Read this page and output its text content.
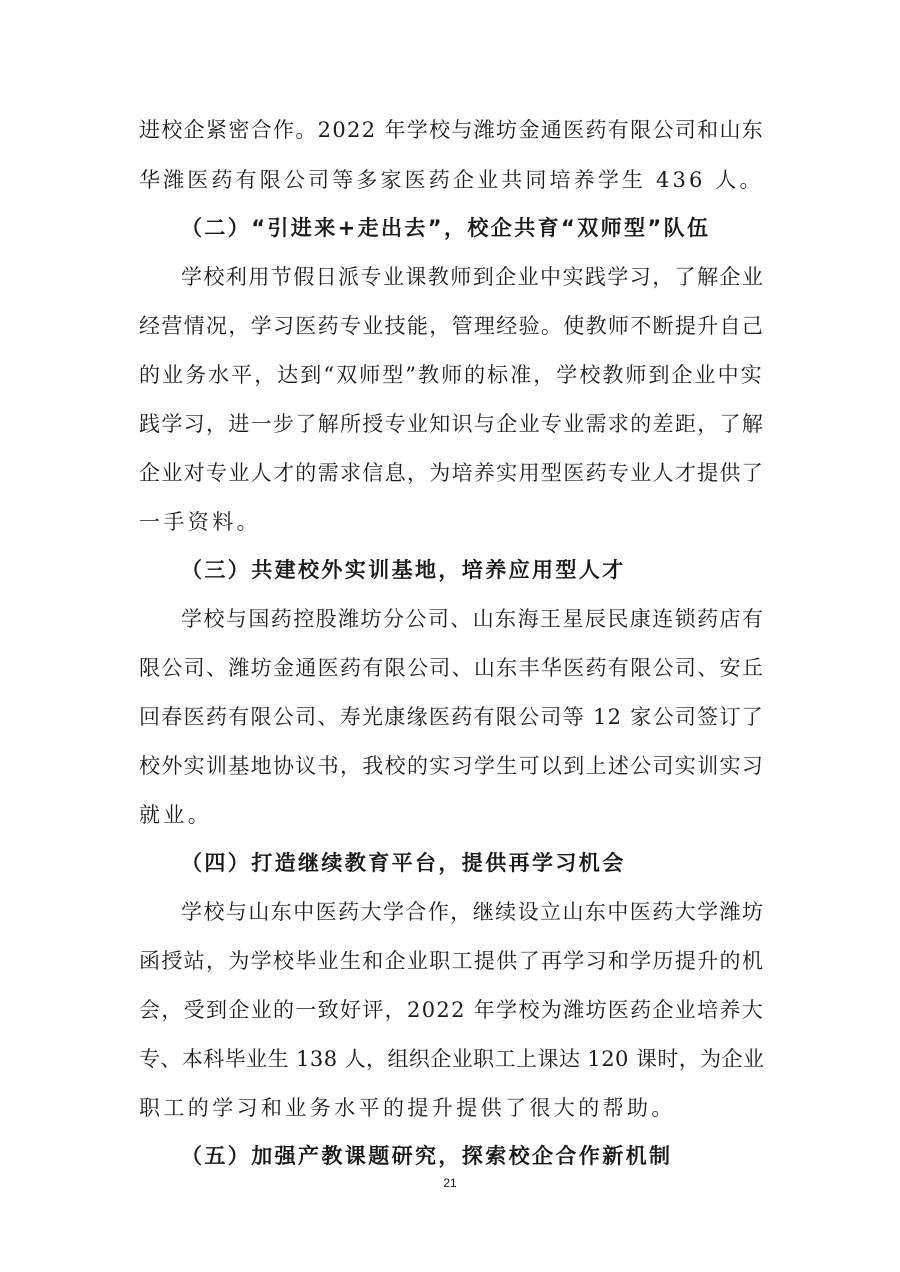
进校企紧密合作。2022 年学校与潍坊金通医药有限公司和山东
华潍医药有限公司等多家医药企业共同培养学生 436 人。
（二）“引进来+走出去”，校企共育“双师型”队伍
学校利用节假日派专业课教师到企业中实践学习，了解企业
经营情况，学习医药专业技能，管理经验。使教师不断提升自己
的业务水平，达到“双师型”教师的标准，学校教师到企业中实
践学习，进一步了解所授专业知识与企业专业需求的差距，了解
企业对专业人才的需求信息，为培养实用型医药专业人才提供了
一手资料。
（三）共建校外实训基地，培养应用型人才
学校与国药控股潍坊分公司、山东海王星辰民康连锁药店有
限公司、潍坊金通医药有限公司、山东丰华医药有限公司、安丘
回春医药有限公司、寿光康缘医药有限公司等 12 家公司签订了
校外实训基地协议书，我校的实习学生可以到上述公司实训实习
就业。
（四）打造继续教育平台，提供再学习机会
学校与山东中医药大学合作，继续设立山东中医药大学潍坊
函授站，为学校毕业生和企业职工提供了再学习和学历提升的机
会，受到企业的一致好评，2022 年学校为潍坊医药企业培养大
专、本科毕业生 138 人，组织企业职工上课达 120 课时，为企业
职工的学习和业务水平的提升提供了很大的帮助。
（五）加强产教课题研究，探索校企合作新机制
21
